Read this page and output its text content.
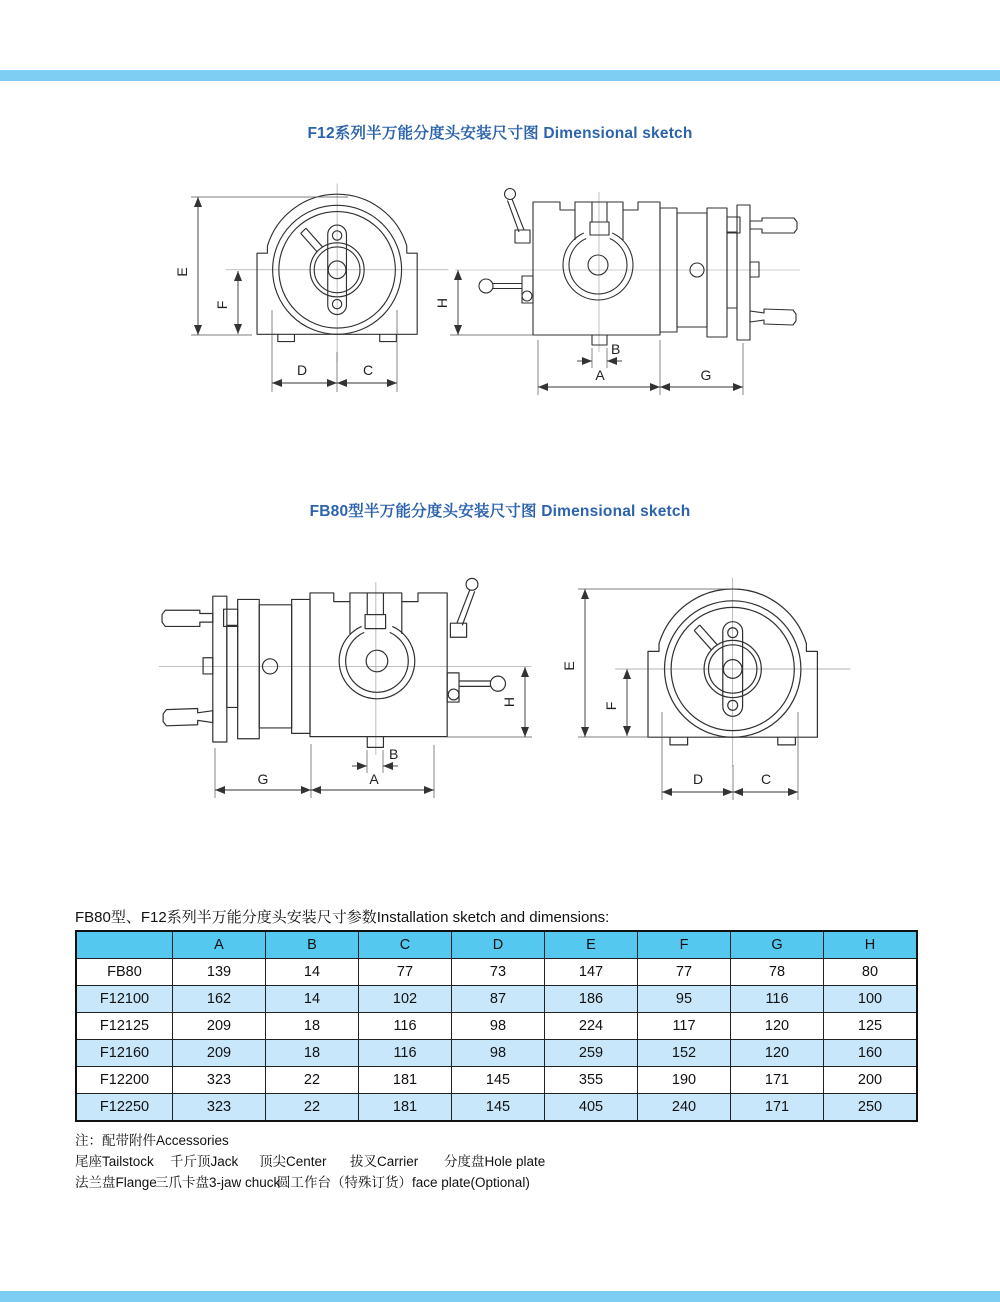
F12系列半万能分度头安装尺寸图 Dimensional sketch
FB80型半万能分度头安装尺寸图 Dimensional sketch
E
F
D	C
H
B
A	G
H
B
G	A
E
F
D	C
FB80型、F12系列半万能分度头安装尺寸参数Installation sketch and dimensions:
	A	B	C	D	E	F	G	H
FB80	139	14	77	73	147	77	78	80
F12100	162	14	102	87	186	95	116	100
F12125	209	18	116	98	224	117	120	125
F12160	209	18	116	98	259	152	120	160
F12200	323	22	181	145	355	190	171	200
F12250	323	22	181	145	405	240	171	250
注：配带附件Accessories
尾座Tailstock 千斤顶Jack 顶尖Center 拔叉Carrier 分度盘Hole plate
法兰盘Flange
三爪卡盘3-jaw chuck
圆工作台（特殊订货）face plate(Optional)
